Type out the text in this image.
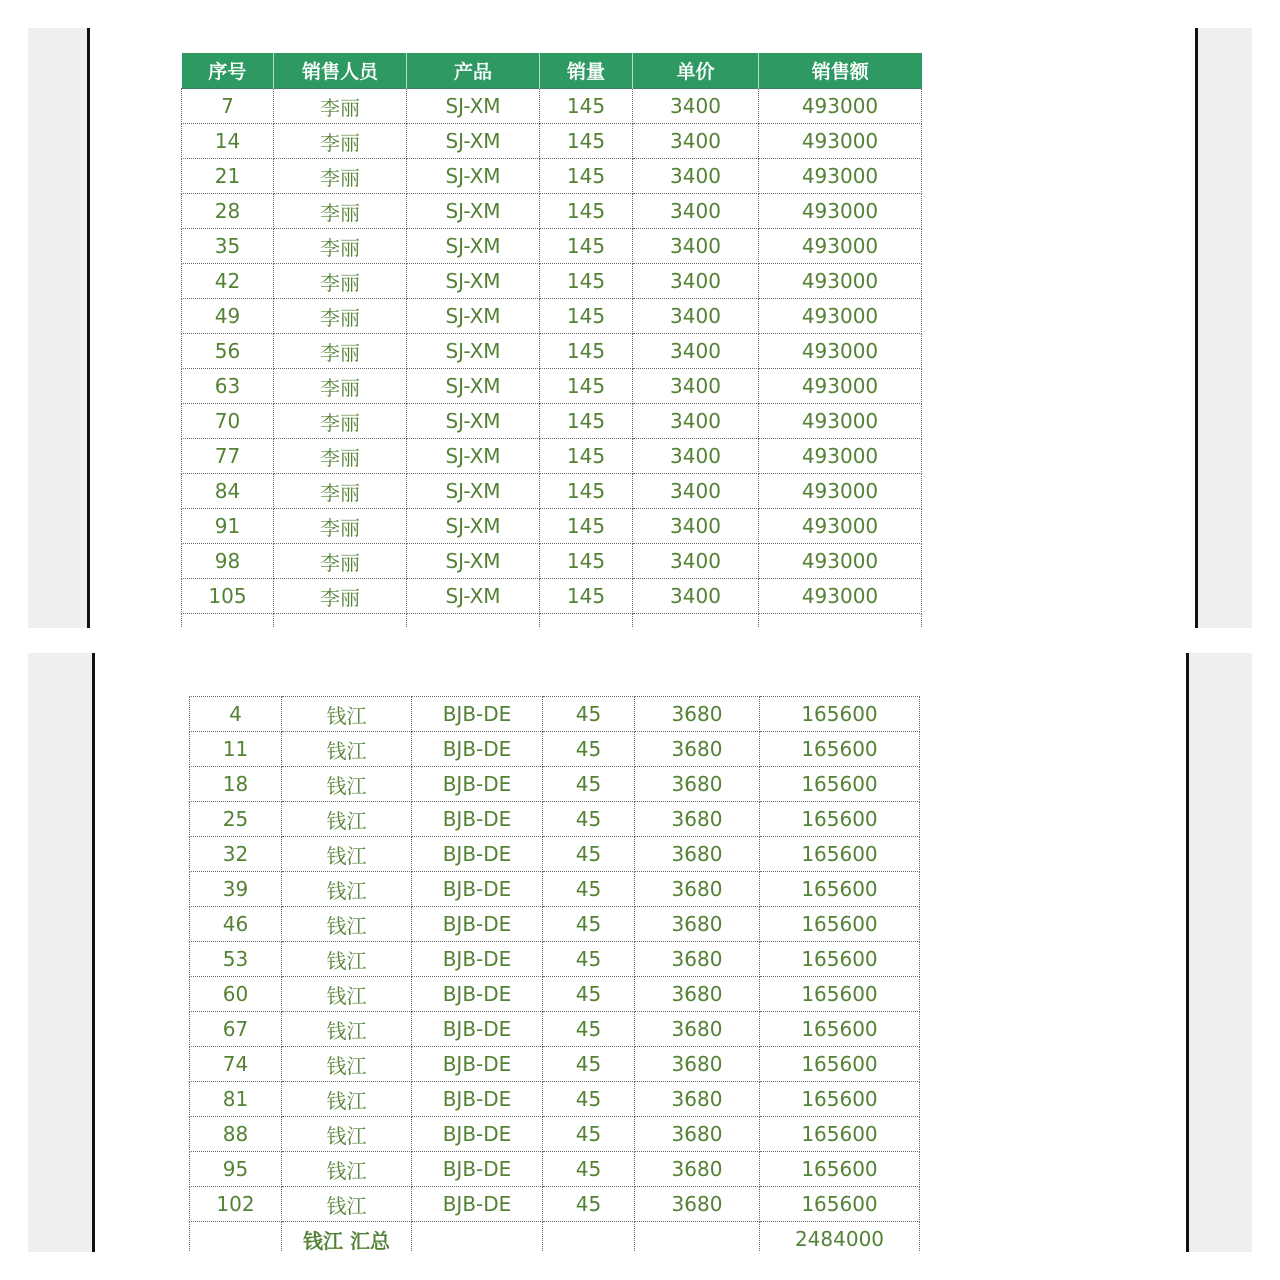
序号	销售人员	产品	销量	单价	销售额
7	李丽	SJ-XM	145	3400	493000
14	李丽	SJ-XM	145	3400	493000
21	李丽	SJ-XM	145	3400	493000
28	李丽	SJ-XM	145	3400	493000
35	李丽	SJ-XM	145	3400	493000
42	李丽	SJ-XM	145	3400	493000
49	李丽	SJ-XM	145	3400	493000
56	李丽	SJ-XM	145	3400	493000
63	李丽	SJ-XM	145	3400	493000
70	李丽	SJ-XM	145	3400	493000
77	李丽	SJ-XM	145	3400	493000
84	李丽	SJ-XM	145	3400	493000
91	李丽	SJ-XM	145	3400	493000
98	李丽	SJ-XM	145	3400	493000
105	李丽	SJ-XM	145	3400	493000

4	钱江	BJB-DE	45	3680	165600
11	钱江	BJB-DE	45	3680	165600
18	钱江	BJB-DE	45	3680	165600
25	钱江	BJB-DE	45	3680	165600
32	钱江	BJB-DE	45	3680	165600
39	钱江	BJB-DE	45	3680	165600
46	钱江	BJB-DE	45	3680	165600
53	钱江	BJB-DE	45	3680	165600
60	钱江	BJB-DE	45	3680	165600
67	钱江	BJB-DE	45	3680	165600
74	钱江	BJB-DE	45	3680	165600
81	钱江	BJB-DE	45	3680	165600
88	钱江	BJB-DE	45	3680	165600
95	钱江	BJB-DE	45	3680	165600
102	钱江	BJB-DE	45	3680	165600
	钱江 汇总				2484000
